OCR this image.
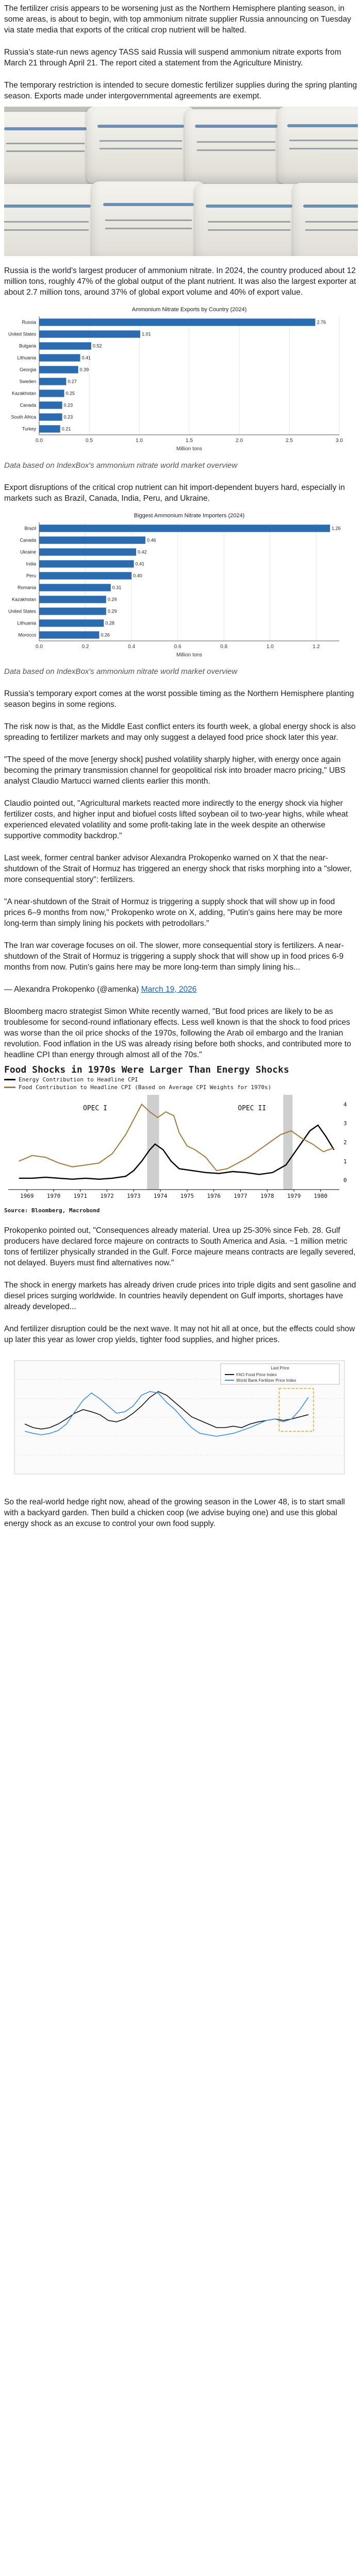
The fertilizer crisis appears to be worsening just as the Northern Hemisphere planting season, in some areas, is about to begin, with top ammonium nitrate supplier Russia announcing on Tuesday via state media that exports of the critical crop nutrient will be halted.

Russia's state-run news agency TASS said Russia will suspend ammonium nitrate exports from March 21 through April 21. The report cited a statement from the Agriculture Ministry.

The temporary restriction is intended to secure domestic fertilizer supplies during the spring planting season. Exports made under intergovernmental agreements are exempt.

Russia is the world's largest producer of ammonium nitrate. In 2024, the country produced about 12 million tons, roughly 47% of the global output of the plant nutrient. It was also the largest exporter at about 2.7 million tons, around 37% of global export volume and 40% of export value.

Ammonium Nitrate Exports by Country (2024)
0.0	0.5	1.0	1.5	2.0	2.5	3.0
Million tons
Russia	2.76
United States	1.01
Bulgaria	0.52
Lithuania	0.41
Georgia	0.39
Sweden	0.27
Kazakhstan	0.25
Canada	0.23
South Africa	0.23
Turkey	0.21

Data based on IndexBox's ammonium nitrate world market overview

Export disruptions of the critical crop nutrient can hit import-dependent buyers hard, especially in markets such as Brazil, Canada, India, Peru, and Ukraine.

Biggest Ammonium Nitrate Importers (2024)
0.0	0.2	0.4	0.6	0.8	1.0	1.2
Million tons
Brazil	1.26
Canada	0.46
Ukraine	0.42
India	0.41
Peru	0.40
Romania	0.31
Kazakhstan	0.29
United States	0.29
Lithuania	0.28
Morocco	0.26

Data based on IndexBox's ammonium nitrate world market overview

Russia's temporary export comes at the worst possible timing as the Northern Hemisphere planting season begins in some regions.

The risk now is that, as the Middle East conflict enters its fourth week, a global energy shock is also spreading to fertilizer markets and may only suggest a delayed food price shock later this year.

"The speed of the move [energy shock] pushed volatility sharply higher, with energy once again becoming the primary transmission channel for geopolitical risk into broader macro pricing," UBS analyst Claudio Martucci warned clients earlier this month.

Claudio pointed out, "Agricultural markets reacted more indirectly to the energy shock via higher fertilizer costs, and higher input and biofuel costs lifted soybean oil to two-year highs, while wheat experienced elevated volatility and some profit-taking late in the week despite an otherwise supportive commodity backdrop."

Last week, former central banker advisor Alexandra Prokopenko warned on X that the near-shutdown of the Strait of Hormuz has triggered an energy shock that risks morphing into a "slower, more consequential story": fertilizers.

"A near-shutdown of the Strait of Hormuz is triggering a supply shock that will show up in food prices 6–9 months from now," Prokopenko wrote on X, adding, "Putin's gains here may be more long-term than simply lining his pockets with petrodollars."

The Iran war coverage focuses on oil. The slower, more consequential story is fertilizers. A near-shutdown of the Strait of Hormuz is triggering a supply shock that will show up in food prices 6-9 months from now. Putin's gains here may be more long-term than simply lining his...

— Alexandra Prokopenko (@amenka) March 19, 2026

Bloomberg macro strategist Simon White recently warned, "But food prices are likely to be as troublesome for second-round inflationary effects. Less well known is that the shock to food prices was worse than the oil price shocks of the 1970s, following the Arab oil embargo and the Iranian revolution. Food inflation in the US was already rising before both shocks, and contributed more to headline CPI than energy through almost all of the 70s."

Food Shocks in 1970s Were Larger Than Energy Shocks

Energy Contribution to Headline CPI
Food Contribution to Headline CPI (Based on Average CPI Weights for 1970s)
OPEC I	OPEC II
1969 1970 1971 1972 1973 1974 1975 1976 1977 1978 1979 1980
4
3
2
1
0

Source: Bloomberg, Macrobond

Prokopenko pointed out, "Consequences already material. Urea up 25-30% since Feb. 28. Gulf producers have declared force majeure on contracts to South America and Asia. ~1 million metric tons of fertilizer physically stranded in the Gulf. Force majeure means contracts are legally severed, not delayed. Buyers must find alternatives now."

The shock in energy markets has already driven crude prices into triple digits and sent gasoline and diesel prices surging worldwide. In countries heavily dependent on Gulf imports, shortages have already developed...

And fertilizer disruption could be the next wave. It may not hit all at once, but the effects could show up later this year as lower crop yields, tighter food supplies, and higher prices.

Last Price
FAO Food Price Index
World Bank Fertilizer Price Index

So the real-world hedge right now, ahead of the growing season in the Lower 48, is to start small with a backyard garden. Then build a chicken coop (we advise buying one) and use this global energy shock as an excuse to control your own food supply.
